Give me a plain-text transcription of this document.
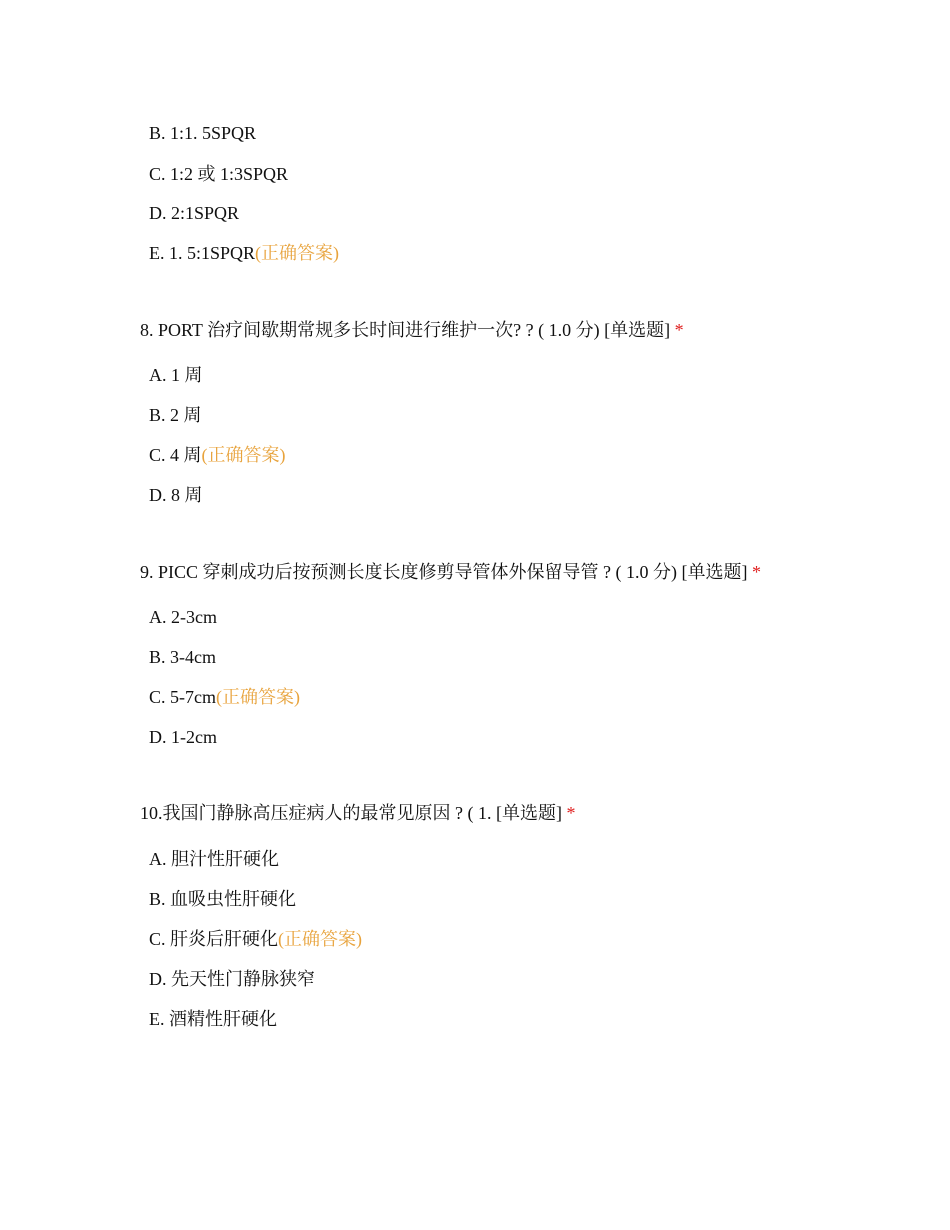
B. 1:1. 5SPQR
C. 1:2 或 1:3SPQR
D. 2:1SPQR
E. 1. 5:1SPQR(正确答案)
8. PORT 治疗间歇期常规多长时间进行维护一次? ? ( 1.0 分) [单选题] *
A. 1 周
B. 2 周
C. 4 周(正确答案)
D. 8 周
9. PICC 穿刺成功后按预测长度长度修剪导管体外保留导管 ? ( 1.0 分) [单选题] *
A. 2-3cm
B. 3-4cm
C. 5-7cm(正确答案)
D. 1-2cm
10.我国门静脉高压症病人的最常见原因 ? ( 1. [单选题] *
A. 胆汁性肝硬化
B. 血吸虫性肝硬化
C. 肝炎后肝硬化(正确答案)
D. 先天性门静脉狭窄
E. 酒精性肝硬化
